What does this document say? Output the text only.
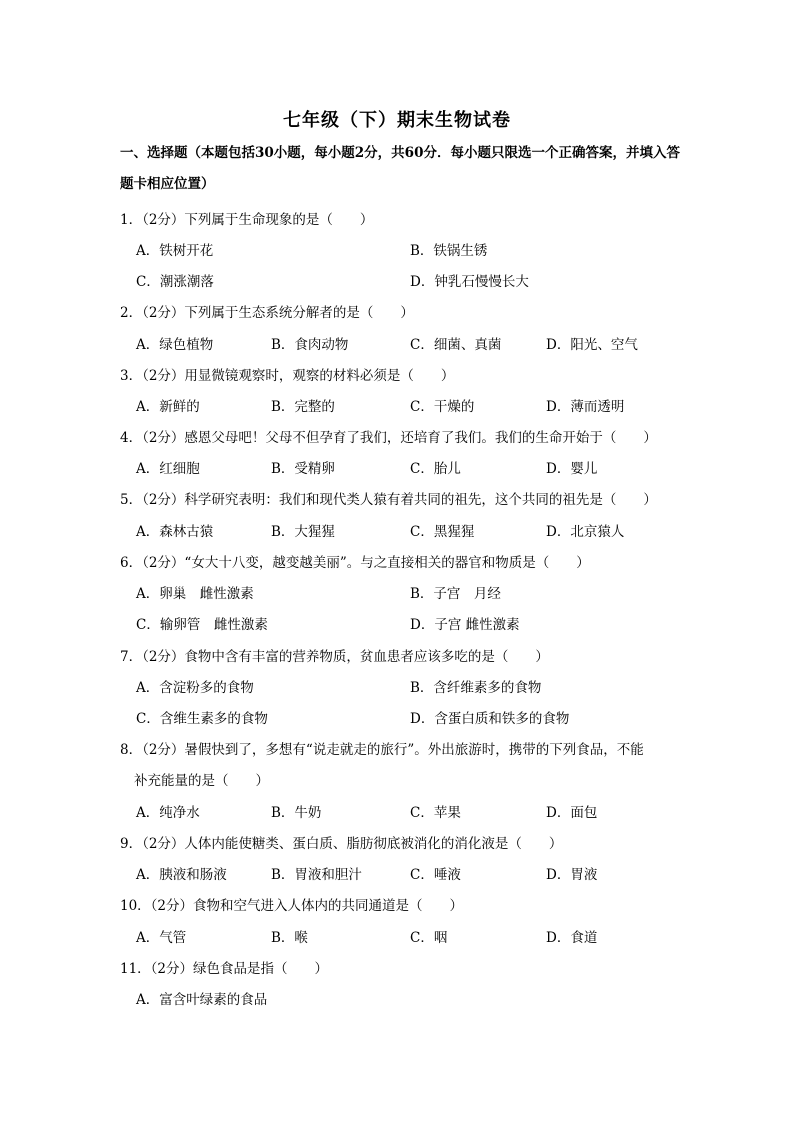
七年级（下）期末生物试卷
一、选择题（本题包括30小题，每小题2分，共60分．每小题只限选一个正确答案，并填入答题卡相应位置）
1．（2分）下列属于生命现象的是（　　）
A．铁树开花	B．铁锅生锈
C．潮涨潮落	D．钟乳石慢慢长大
2．（2分）下列属于生态系统分解者的是（　　）
A．绿色植物	B．食肉动物	C．细菌、真菌	D．阳光、空气
3．（2分）用显微镜观察时，观察的材料必须是（　　）
A．新鲜的	B．完整的	C．干燥的	D．薄而透明
4．（2分）感恩父母吧！父母不但孕育了我们，还培育了我们。我们的生命开始于（　　）
A．红细胞	B．受精卵	C．胎儿	D．婴儿
5．（2分）科学研究表明：我们和现代类人猿有着共同的祖先，这个共同的祖先是（　　）
A．森林古猿	B．大猩猩	C．黑猩猩	D．北京猿人
6．（2分）“女大十八变，越变越美丽”。与之直接相关的器官和物质是（　　）
A．卵巢　雌性激素	B．子宫　月经
C．输卵管　雌性激素	D．子宫 雌性激素
7．（2分）食物中含有丰富的营养物质，贫血患者应该多吃的是（　　）
A．含淀粉多的食物	B．含纤维素多的食物
C．含维生素多的食物	D．含蛋白质和铁多的食物
8．（2分）暑假快到了，多想有“说走就走的旅行”。外出旅游时，携带的下列食品，不能
补充能量的是（　　）
A．纯净水	B．牛奶	C．苹果	D．面包
9．（2分）人体内能使糖类、蛋白质、脂肪彻底被消化的消化液是（　　）
A．胰液和肠液	B．胃液和胆汁	C．唾液	D．胃液
10．（2分）食物和空气进入人体内的共同通道是（　　）
A．气管	B．喉	C．咽	D．食道
11．（2分）绿色食品是指（　　）
A．富含叶绿素的食品
